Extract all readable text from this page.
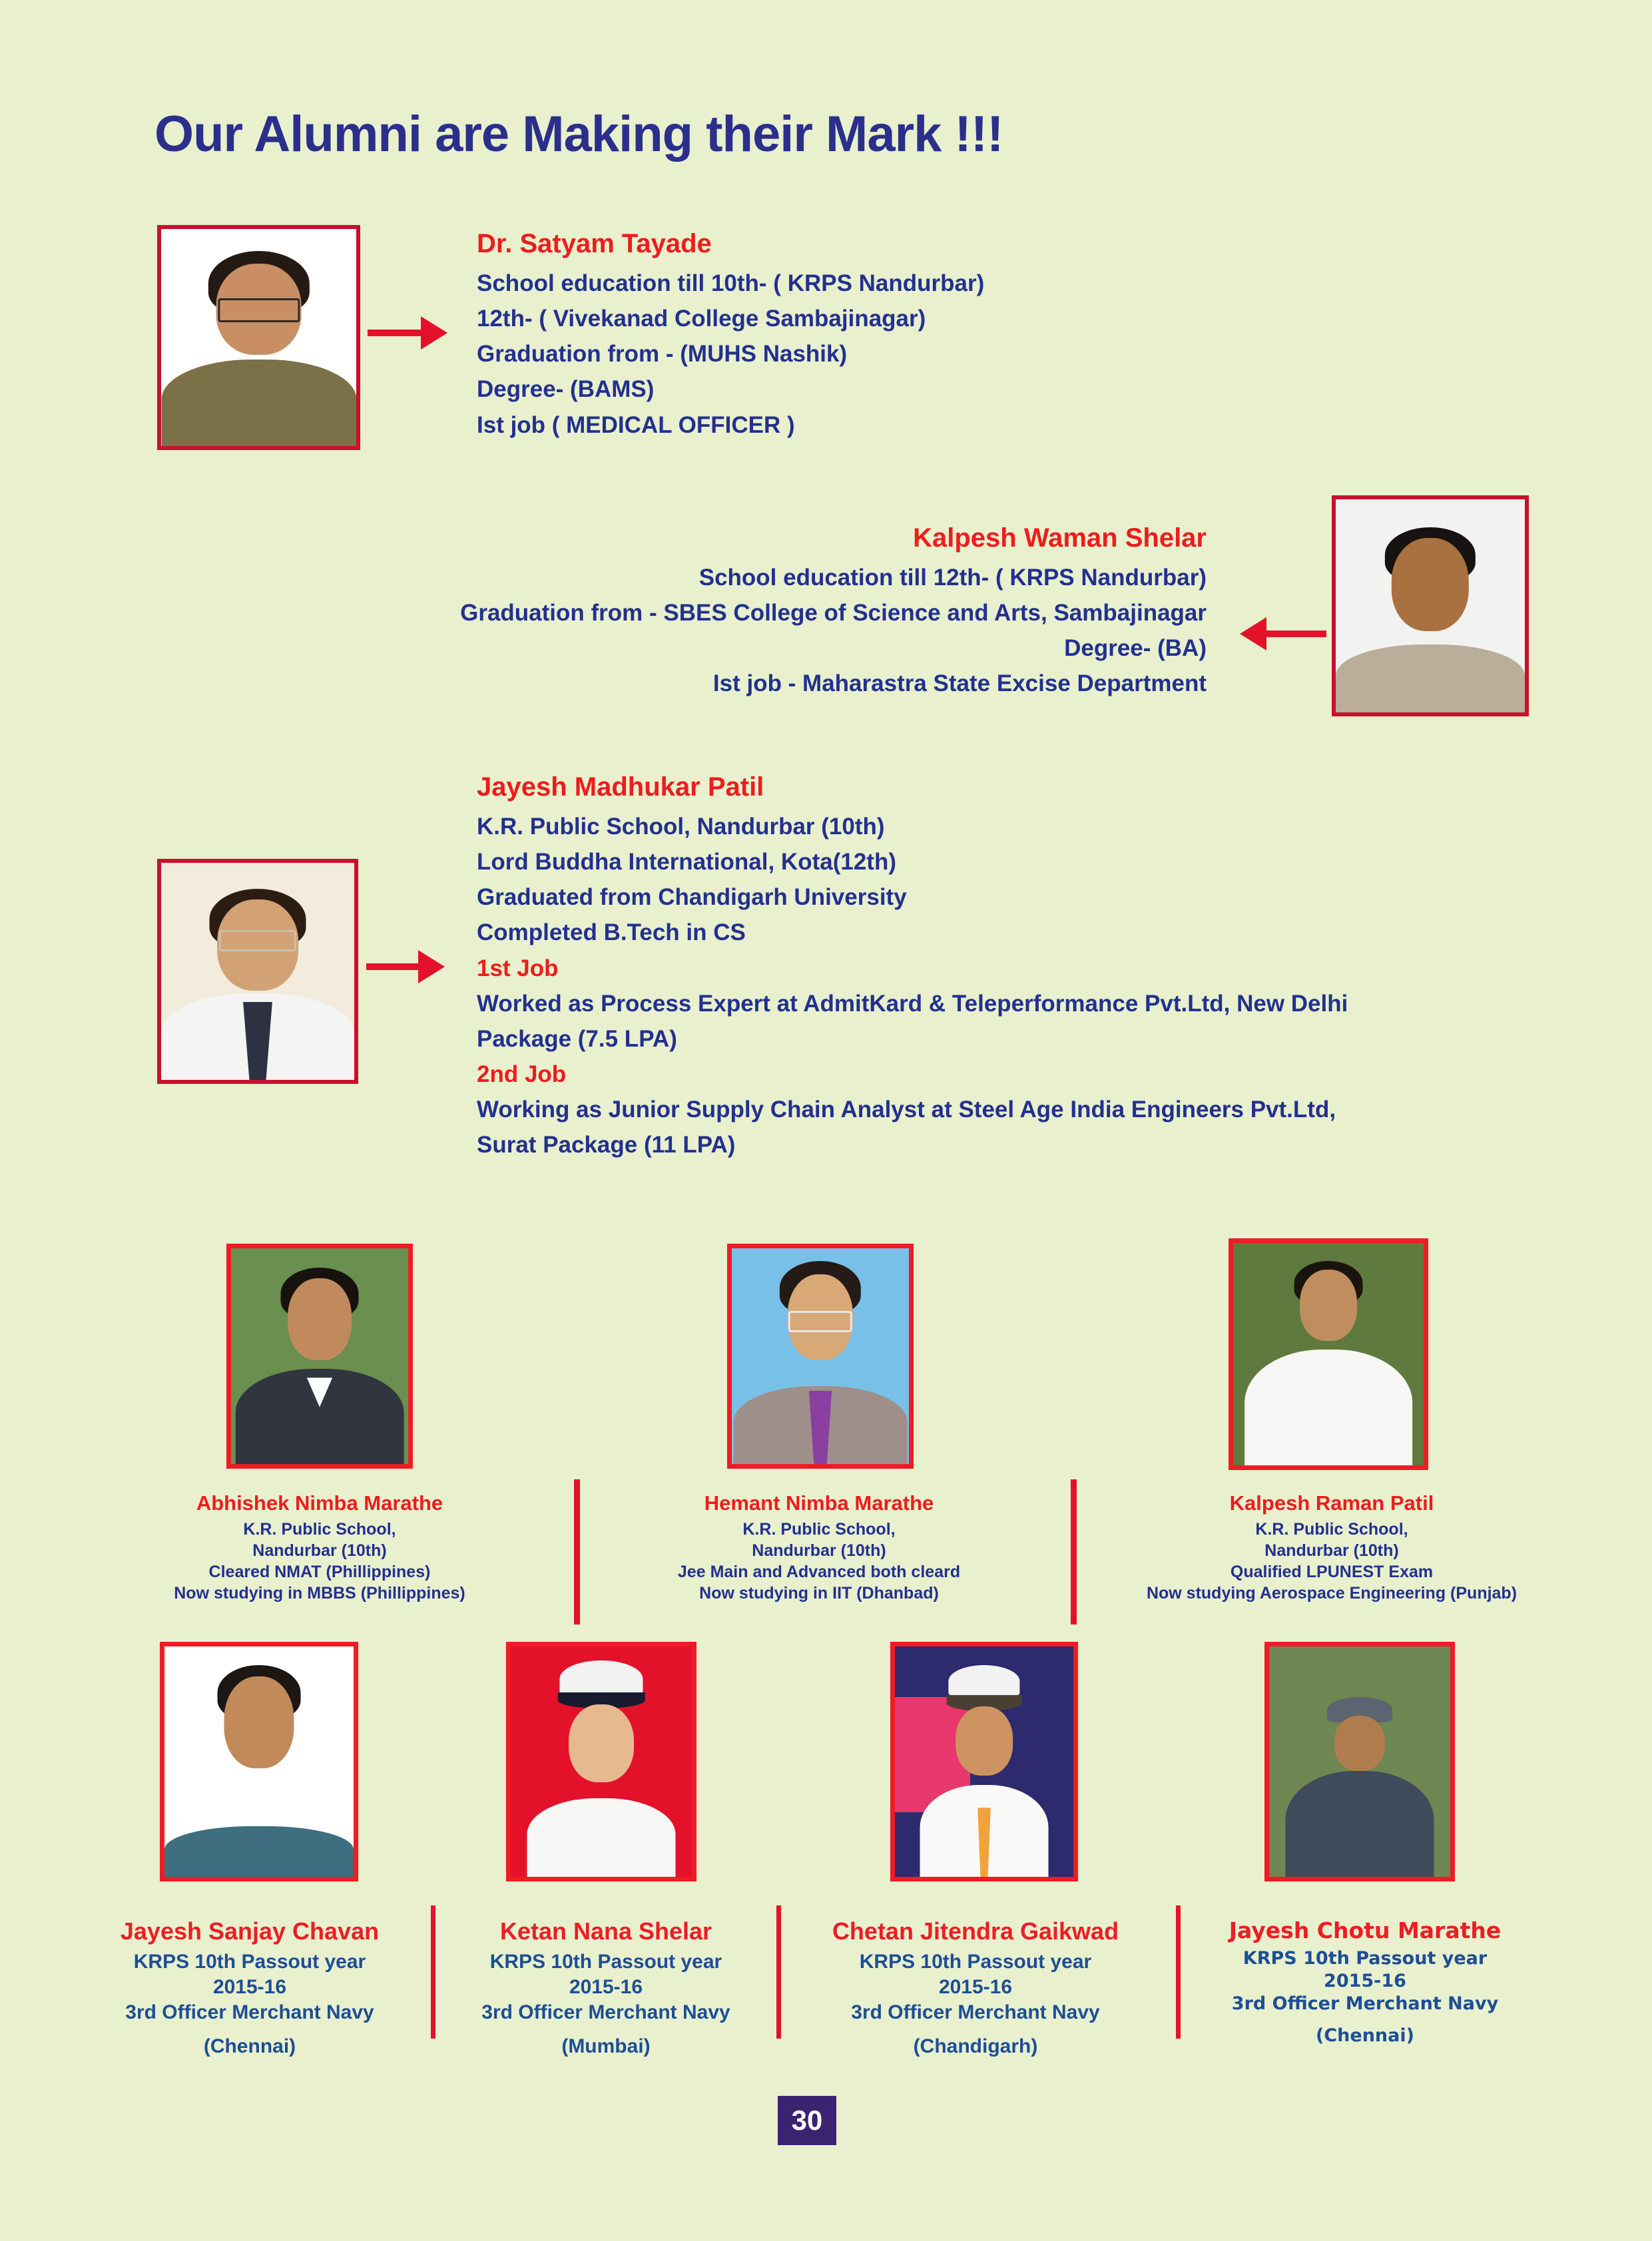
Our Alumni are Making their Mark !!!
Dr. Satyam Tayade
School education till 10th- ( KRPS Nandurbar)
12th- ( Vivekanad College Sambajinagar)
Graduation from - (MUHS Nashik)
Degree- (BAMS)
Ist job ( MEDICAL OFFICER )
Kalpesh Waman Shelar
School education till 12th- ( KRPS Nandurbar)
Graduation from - SBES College of Science and Arts, Sambajinagar
Degree- (BA)
Ist job - Maharastra State Excise Department
Jayesh Madhukar Patil
K.R. Public School, Nandurbar (10th)
Lord Buddha International, Kota(12th)
Graduated from Chandigarh University
Completed B.Tech in CS
1st Job
Worked as Process Expert at AdmitKard & Teleperformance Pvt.Ltd, New Delhi
Package (7.5 LPA)
2nd Job
Working as Junior Supply Chain Analyst at Steel Age India Engineers Pvt.Ltd,
Surat Package (11 LPA)
Abhishek Nimba Marathe
K.R. Public School,
Nandurbar (10th)
Cleared NMAT (Phillippines)
Now studying in MBBS (Phillippines)
Hemant Nimba Marathe
K.R. Public School,
Nandurbar (10th)
Jee Main and Advanced both cleard
Now studying in IIT (Dhanbad)
Kalpesh Raman Patil
K.R. Public School,
Nandurbar (10th)
Qualified LPUNEST Exam
Now studying Aerospace Engineering (Punjab)
Jayesh Sanjay Chavan
KRPS 10th Passout year
2015-16
3rd Officer Merchant Navy
(Chennai)
Ketan Nana Shelar
KRPS 10th Passout year
2015-16
3rd Officer Merchant Navy
(Mumbai)
Chetan Jitendra Gaikwad
KRPS 10th Passout year
2015-16
3rd Officer Merchant Navy
(Chandigarh)
Jayesh Chotu Marathe
KRPS 10th Passout year
2015-16
3rd Officer Merchant Navy
(Chennai)
30
